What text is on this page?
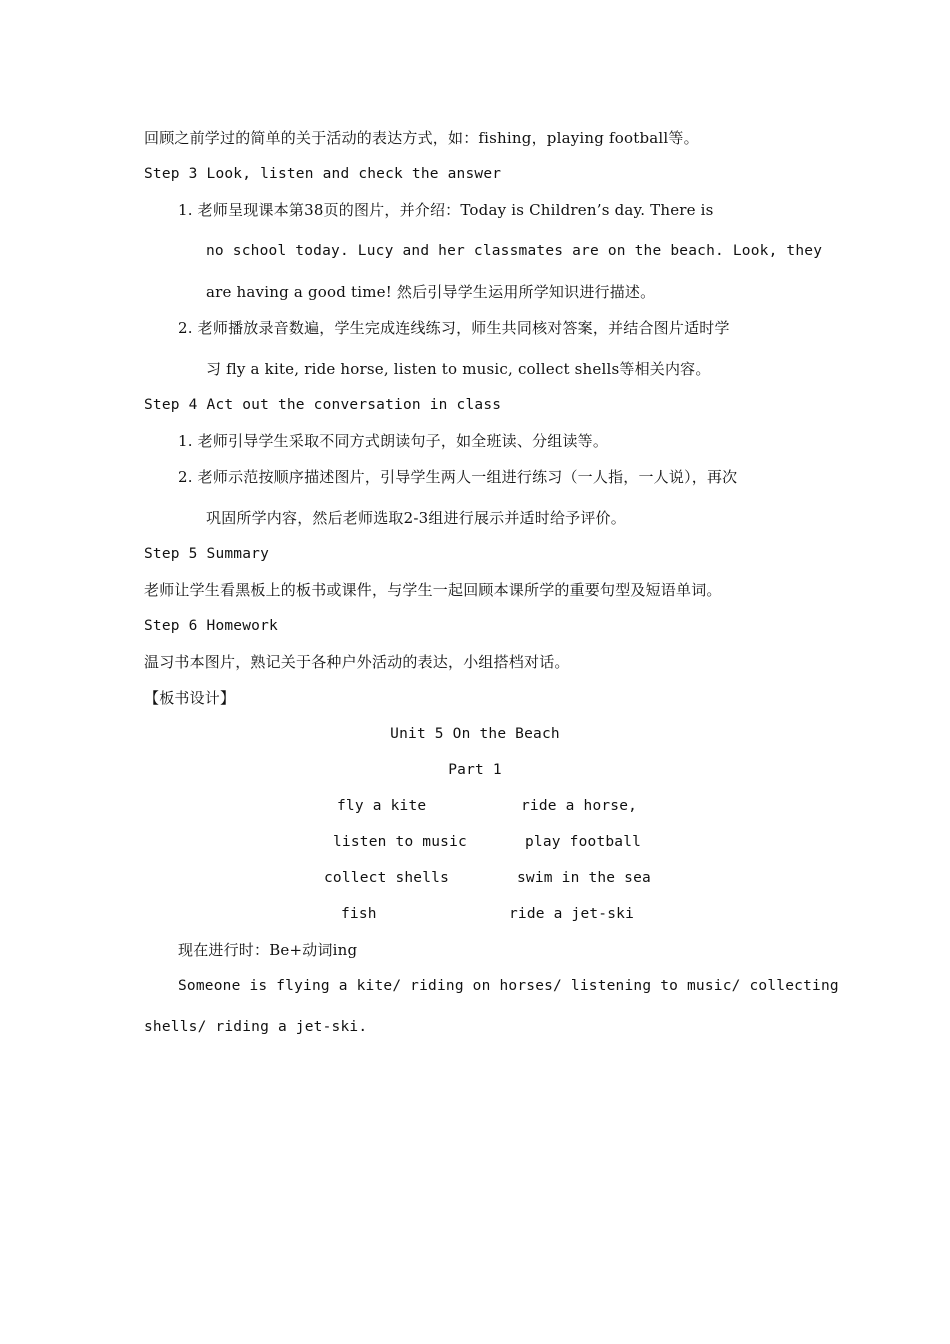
回顾之前学过的简单的关于活动的表达方式，如：fishing，playing football等。
Step 3 Look, listen and check the answer
1. 老师呈现课本第38页的图片，并介绍：Today is Children’s day. There is
no school today. Lucy and her classmates are on the beach. Look, they
are having a good time! 然后引导学生运用所学知识进行描述。
2. 老师播放录音数遍，学生完成连线练习，师生共同核对答案，并结合图片适时学
习 fly a kite, ride horse, listen to music, collect shells等相关内容。
Step 4 Act out the conversation in class
1. 老师引导学生采取不同方式朗读句子，如全班读、分组读等。
2. 老师示范按顺序描述图片，引导学生两人一组进行练习（一人指，一人说），再次
巩固所学内容，然后老师选取2-3组进行展示并适时给予评价。
Step 5 Summary
老师让学生看黑板上的板书或课件，与学生一起回顾本课所学的重要句型及短语单词。
Step 6 Homework
温习书本图片，熟记关于各种户外活动的表达，小组搭档对话。
【板书设计】
Unit 5 On the Beach
Part 1
fly a kite	ride a horse,
listen to music	play football
collect shells	swim in the sea
fish	ride a jet-ski
现在进行时：Be+动词ing
Someone is flying a kite/ riding on horses/ listening to music/ collecting
shells/ riding a jet-ski.
